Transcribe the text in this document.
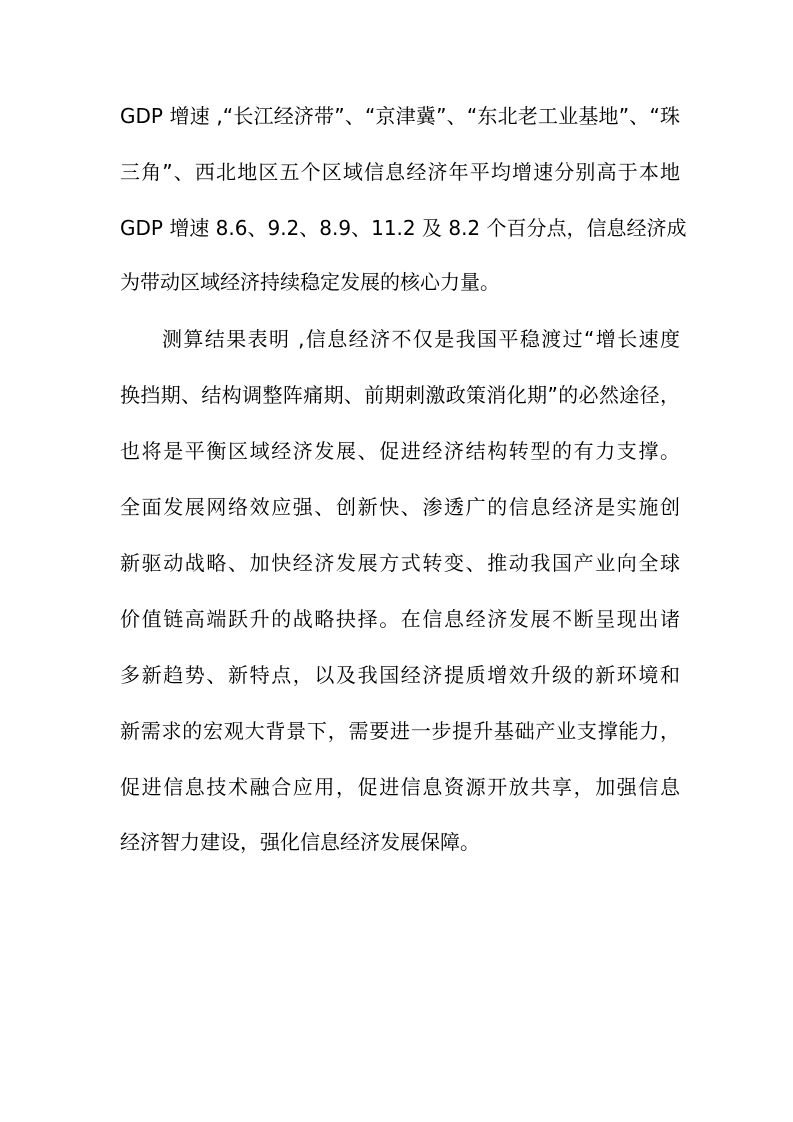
GDP 增速 ,“长江经济带”、“京津冀”、“东北老工业基地”、“珠
三角”、西北地区五个区域信息经济年平均增速分别高于本地
GDP 增速 8.6、9.2、8.9、11.2 及 8.2 个百分点，信息经济成
为带动区域经济持续稳定发展的核心力量。
测算结果表明 ,信息经济不仅是我国平稳渡过“增长速度
换挡期、结构调整阵痛期、前期刺激政策消化期”的必然途径，
也将是平衡区域经济发展、促进经济结构转型的有力支撑。
全面发展网络效应强、创新快、渗透广的信息经济是实施创
新驱动战略、加快经济发展方式转变、推动我国产业向全球
价值链高端跃升的战略抉择。在信息经济发展不断呈现出诸
多新趋势、新特点，以及我国经济提质增效升级的新环境和
新需求的宏观大背景下，需要进一步提升基础产业支撑能力，
促进信息技术融合应用，促进信息资源开放共享，加强信息
经济智力建设，强化信息经济发展保障。
